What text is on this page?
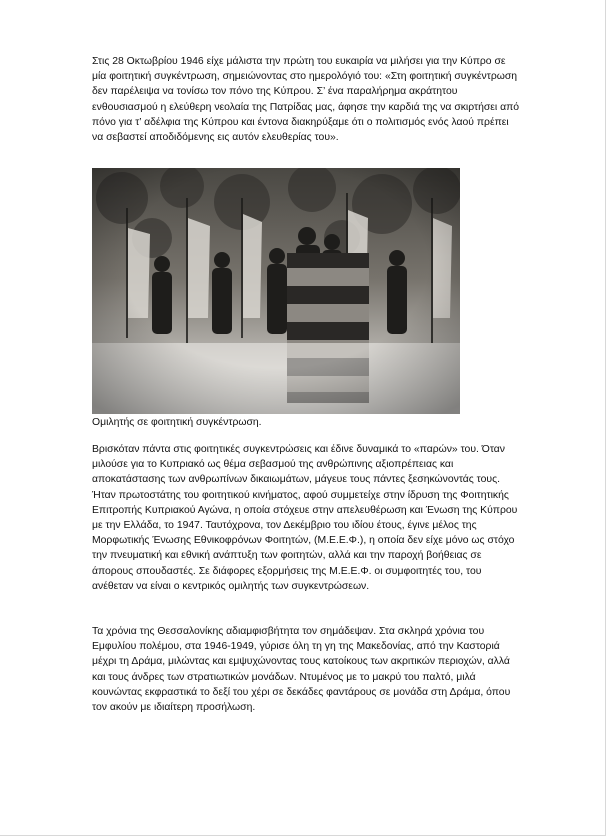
Στις 28 Οκτωβρίου 1946 είχε μάλιστα την πρώτη του ευκαιρία να μιλήσει για την Κύπρο σε μία φοιτητική συγκέντρωση, σημειώνοντας στο ημερολόγιό του: «Στη φοιτητική συγκέντρωση δεν παρέλειψα να τονίσω τον πόνο της Κύπρου. Σ’ ένα παραλήρημα ακράτητου ενθουσιασμού η ελεύθερη νεολαία της Πατρίδας μας, άφησε την καρδιά της να σκιρτήσει από πόνο για τ’ αδέλφια της Κύπρου και έντονα διακηρύξαμε ότι ο πολιτισμός ενός λαού πρέπει να σεβαστεί αποδιδόμενης εις αυτόν ελευθερίας του».

Ομιλητής σε φοιτητική συγκέντρωση.

Βρισκόταν πάντα στις φοιτητικές συγκεντρώσεις και έδινε δυναμικά το «παρών» του. Όταν μιλούσε για το Κυπριακό ως θέμα σεβασμού της ανθρώπινης αξιοπρέπειας και αποκατάστασης των ανθρωπίνων δικαιωμάτων, μάγευε τους πάντες ξεσηκώνοντάς τους. Ήταν πρωτοστάτης του φοιτητικού κινήματος, αφού συμμετείχε στην ίδρυση της Φοιτητικής Επιτροπής Κυπριακού Αγώνα, η οποία στόχευε στην απελευθέρωση και Ένωση της Κύπρου με την Ελλάδα, το 1947. Ταυτόχρονα, τον Δεκέμβριο του ιδίου έτους, έγινε μέλος της Μορφωτικής Ένωσης Εθνικοφρόνων Φοιτητών, (Μ.Ε.Ε.Φ.), η οποία δεν είχε μόνο ως στόχο την πνευματική και εθνική ανάπτυξη των φοιτητών, αλλά και την παροχή βοήθειας σε άπορους σπουδαστές. Σε διάφορες εξορμήσεις της Μ.Ε.Ε.Φ. οι συμφοιτητές του, του ανέθεταν να είναι ο κεντρικός ομιλητής των συγκεντρώσεων.

Τα χρόνια της Θεσσαλονίκης αδιαμφισβήτητα τον σημάδεψαν. Στα σκληρά χρόνια του Εμφυλίου πολέμου, στα 1946-1949, γύρισε όλη τη γη της Μακεδονίας, από την Καστοριά μέχρι τη Δράμα, μιλώντας και εμψυχώνοντας τους κατοίκους των ακριτικών περιοχών, αλλά και τους άνδρες των στρατιωτικών μονάδων. Ντυμένος με το μακρύ του παλτό, μιλά κουνώντας εκφραστικά το δεξί του χέρι σε δεκάδες φαντάρους σε μονάδα στη Δράμα, όπου τον ακούν με ιδιαίτερη προσήλωση.
